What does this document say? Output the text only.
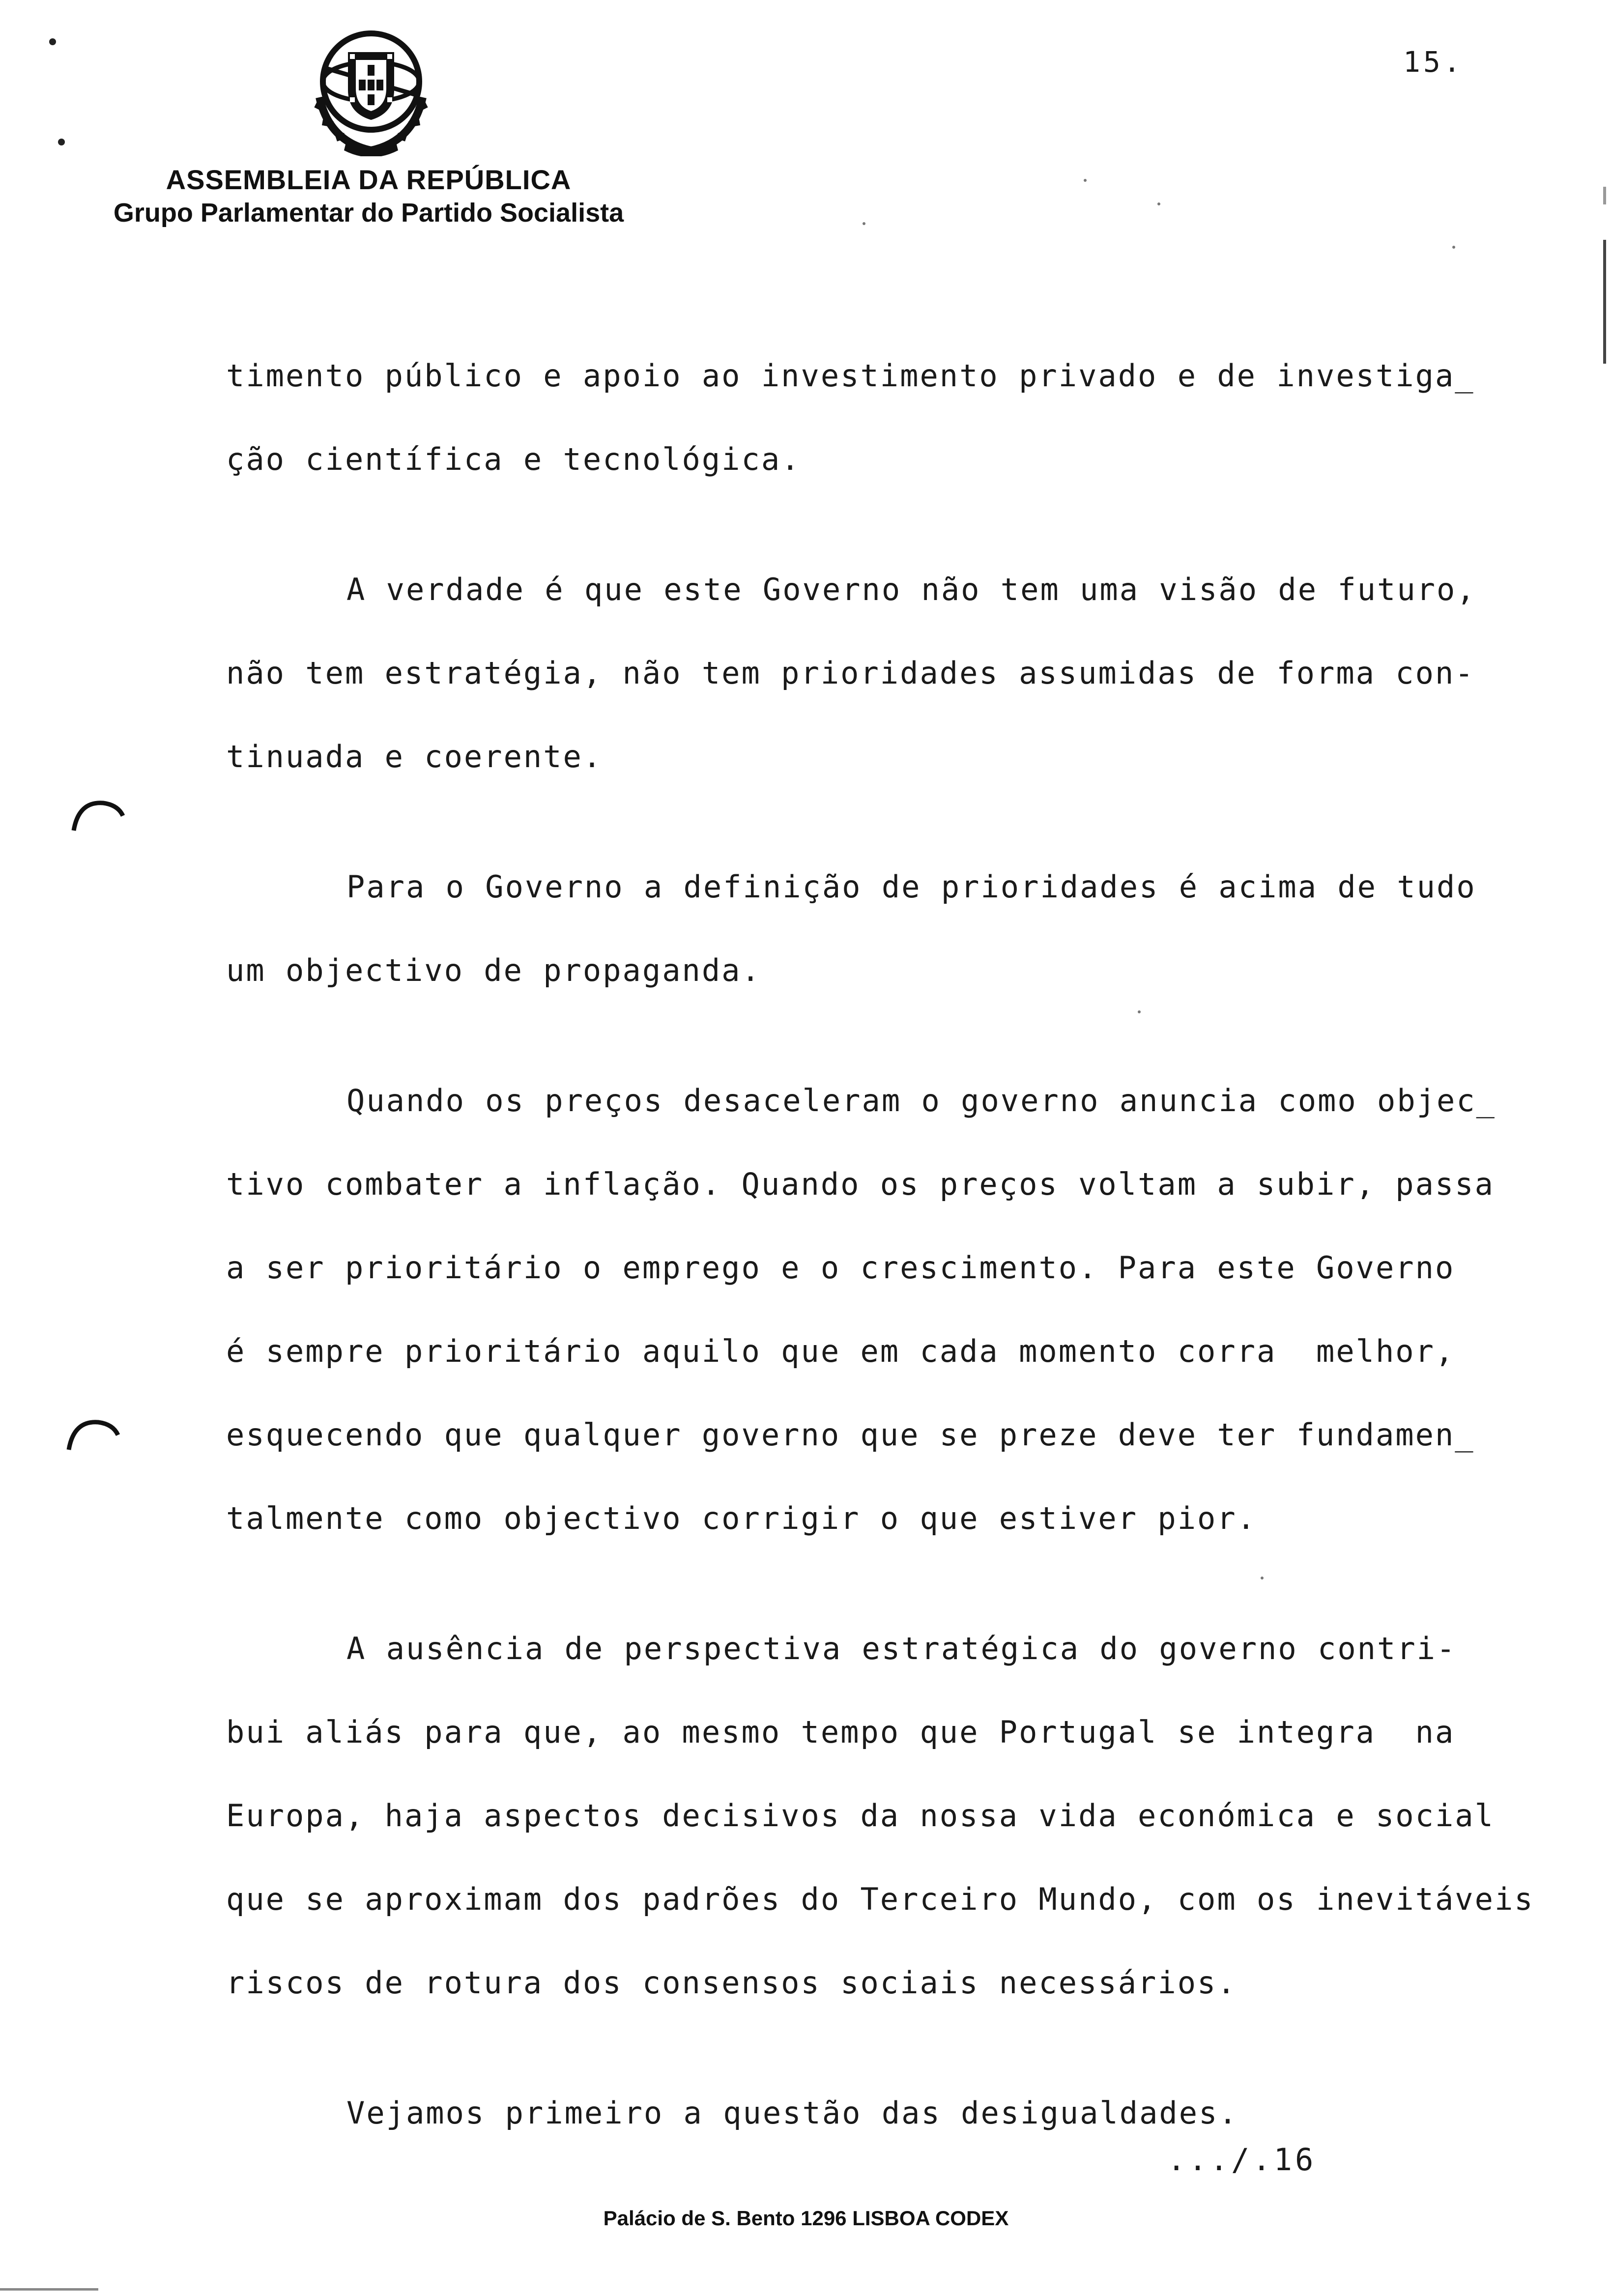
ASSEMBLEIA DA REPÚBLICA
Grupo Parlamentar do Partido Socialista
15.
timento público e apoio ao investimento privado e de investiga_
ção científica e tecnológica.
A verdade é que este Governo não tem uma visão de futuro,
não tem estratégia, não tem prioridades assumidas de forma con-
tinuada e coerente.
Para o Governo a definição de prioridades é acima de tudo
um objectivo de propaganda.
Quando os preços desaceleram o governo anuncia como objec_
tivo combater a inflação. Quando os preços voltam a subir, passa
a ser prioritário o emprego e o crescimento. Para este Governo
é sempre prioritário aquilo que em cada momento corra  melhor,
esquecendo que qualquer governo que se preze deve ter fundamen_
talmente como objectivo corrigir o que estiver pior.
A ausência de perspectiva estratégica do governo contri-
bui aliás para que, ao mesmo tempo que Portugal se integra  na
Europa, haja aspectos decisivos da nossa vida económica e social
que se aproximam dos padrões do Terceiro Mundo, com os inevitáveis
riscos de rotura dos consensos sociais necessários.
Vejamos primeiro a questão das desigualdades.
.../.16
Palácio de S. Bento 1296 LISBOA CODEX
